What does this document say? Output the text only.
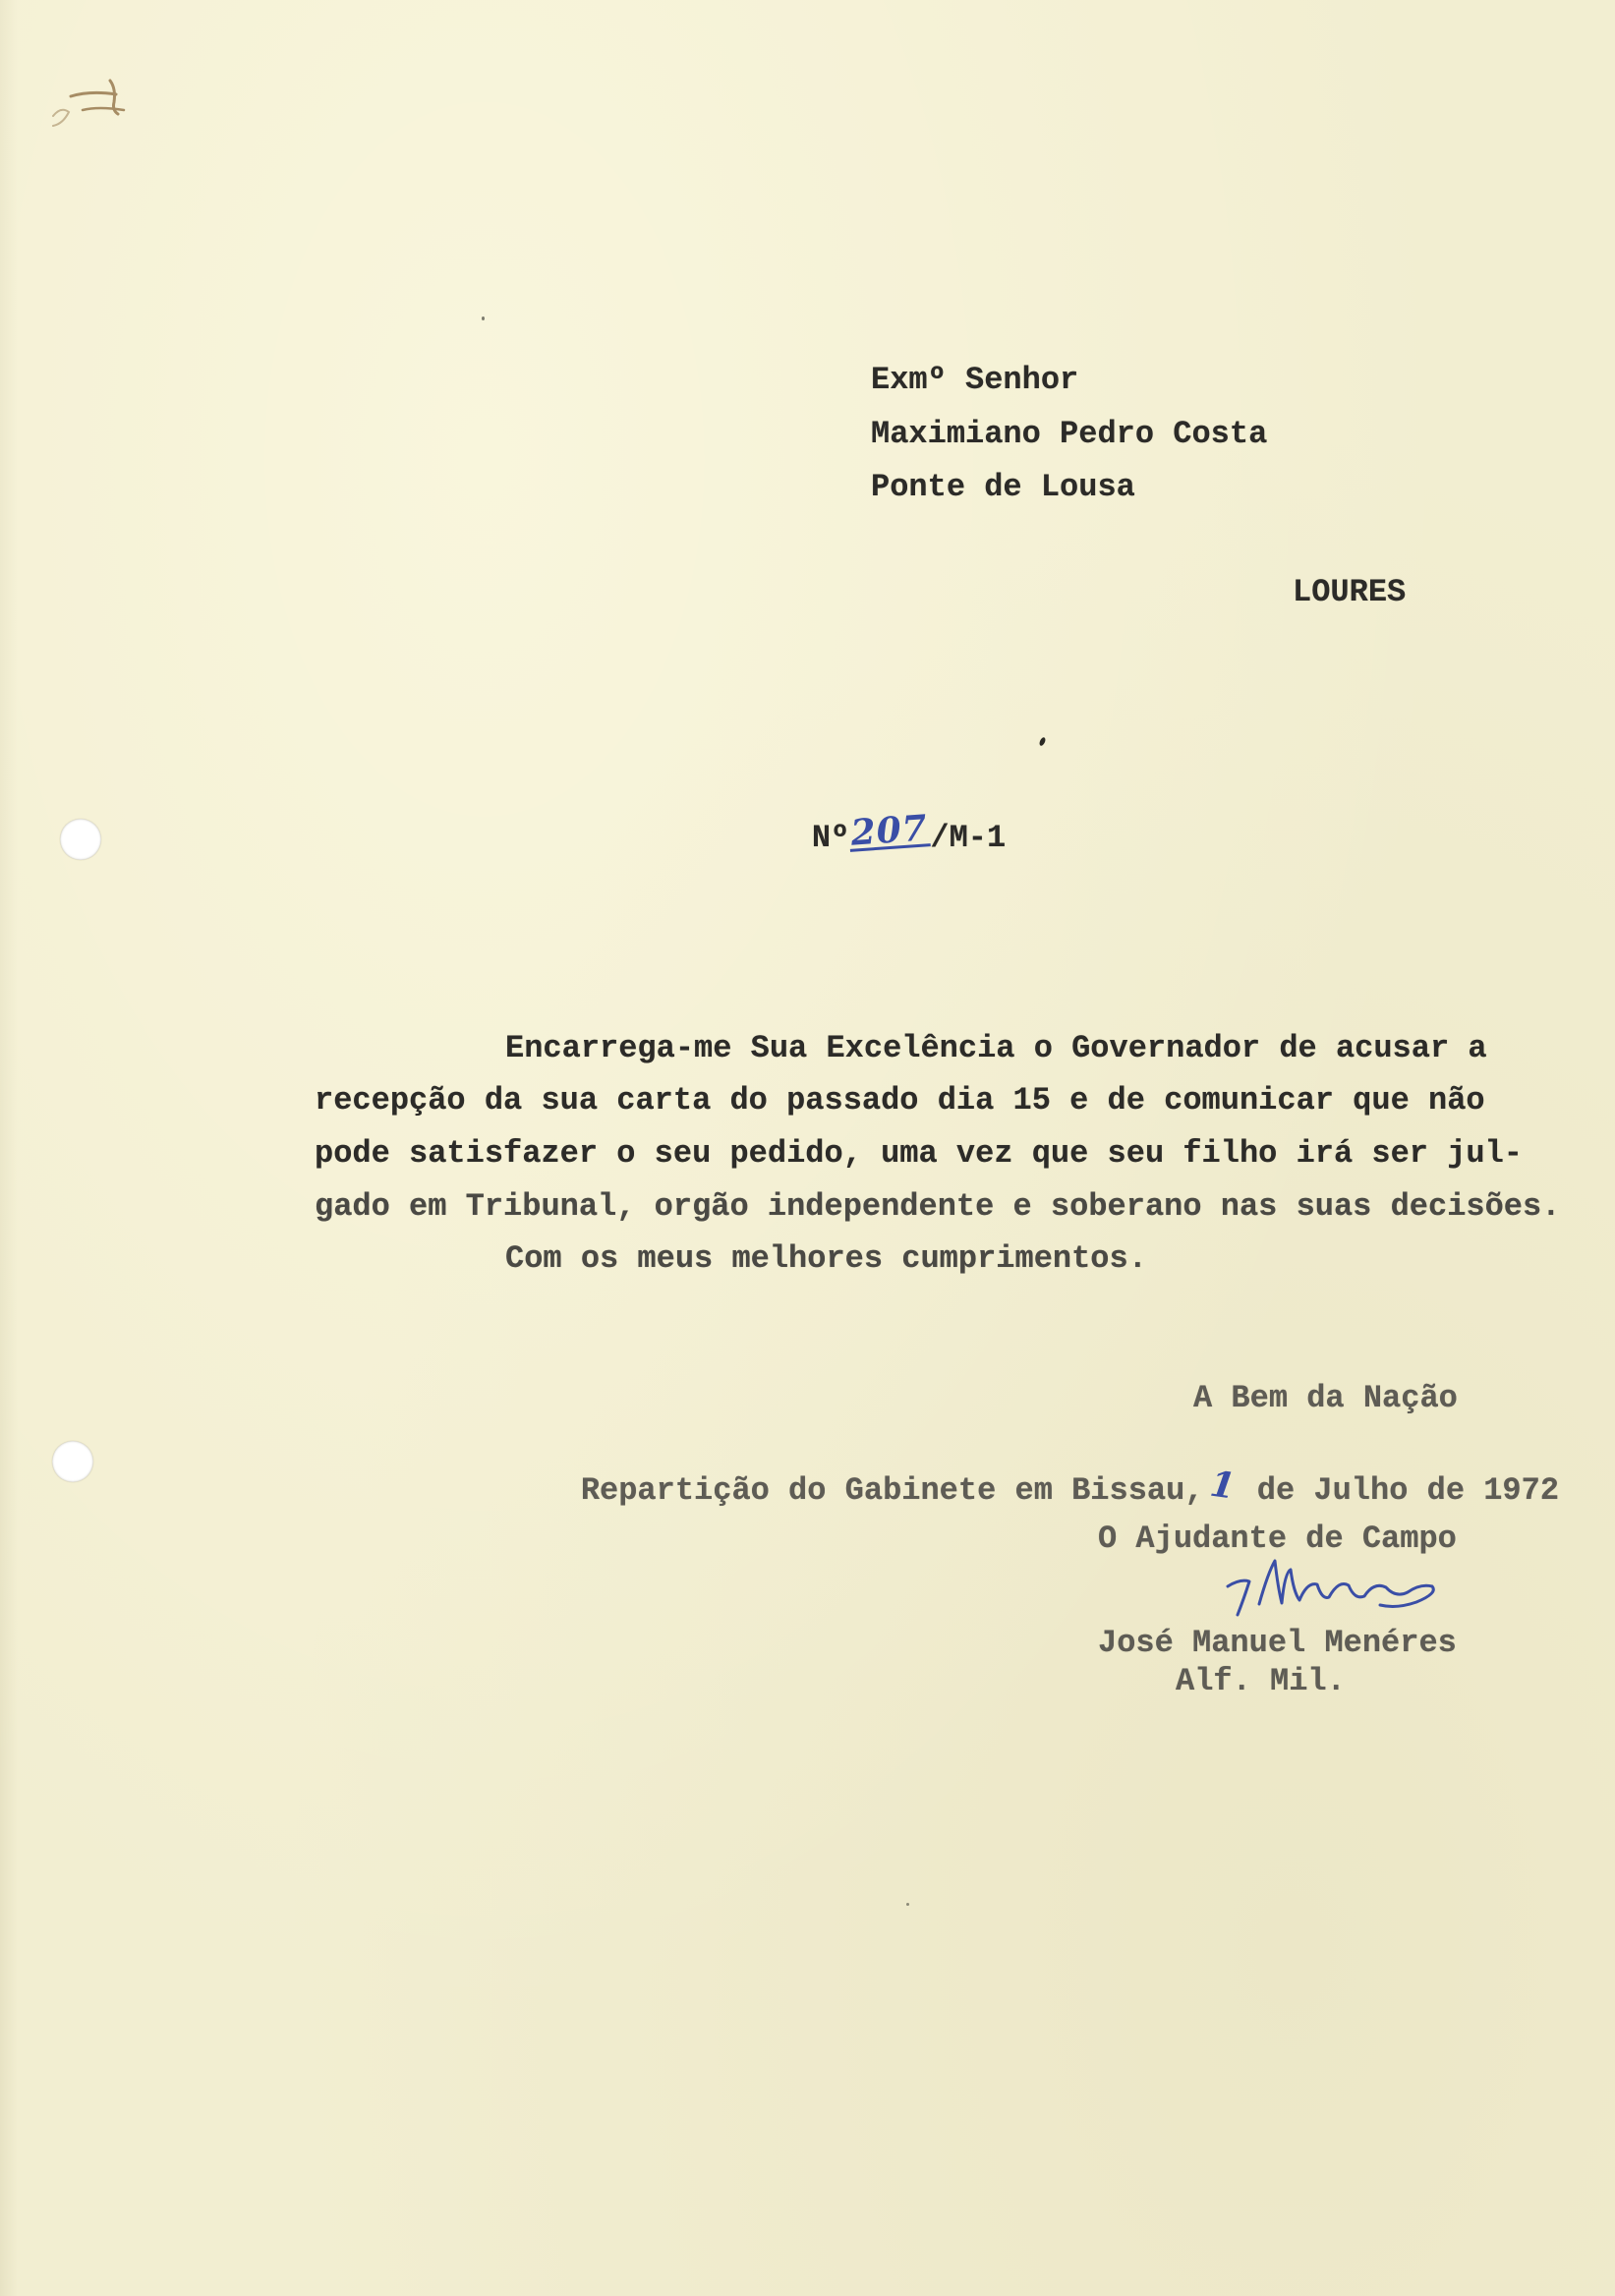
Exmº Senhor
Maximiano Pedro Costa
Ponte de Lousa
LOURES

Nº207/M-1

Encarrega-me Sua Excelência o Governador de acusar a
recepção da sua carta do passado dia 15 e de comunicar que não
pode satisfazer o seu pedido, uma vez que seu filho irá ser jul-
gado em Tribunal, orgão independente e soberano nas suas decisões.
Com os meus melhores cumprimentos.
A Bem da Nação

Repartição do Gabinete em Bissau,1 de Julho de 1972

O Ajudante de Campo
José Manuel Menéres
Alf. Mil.
